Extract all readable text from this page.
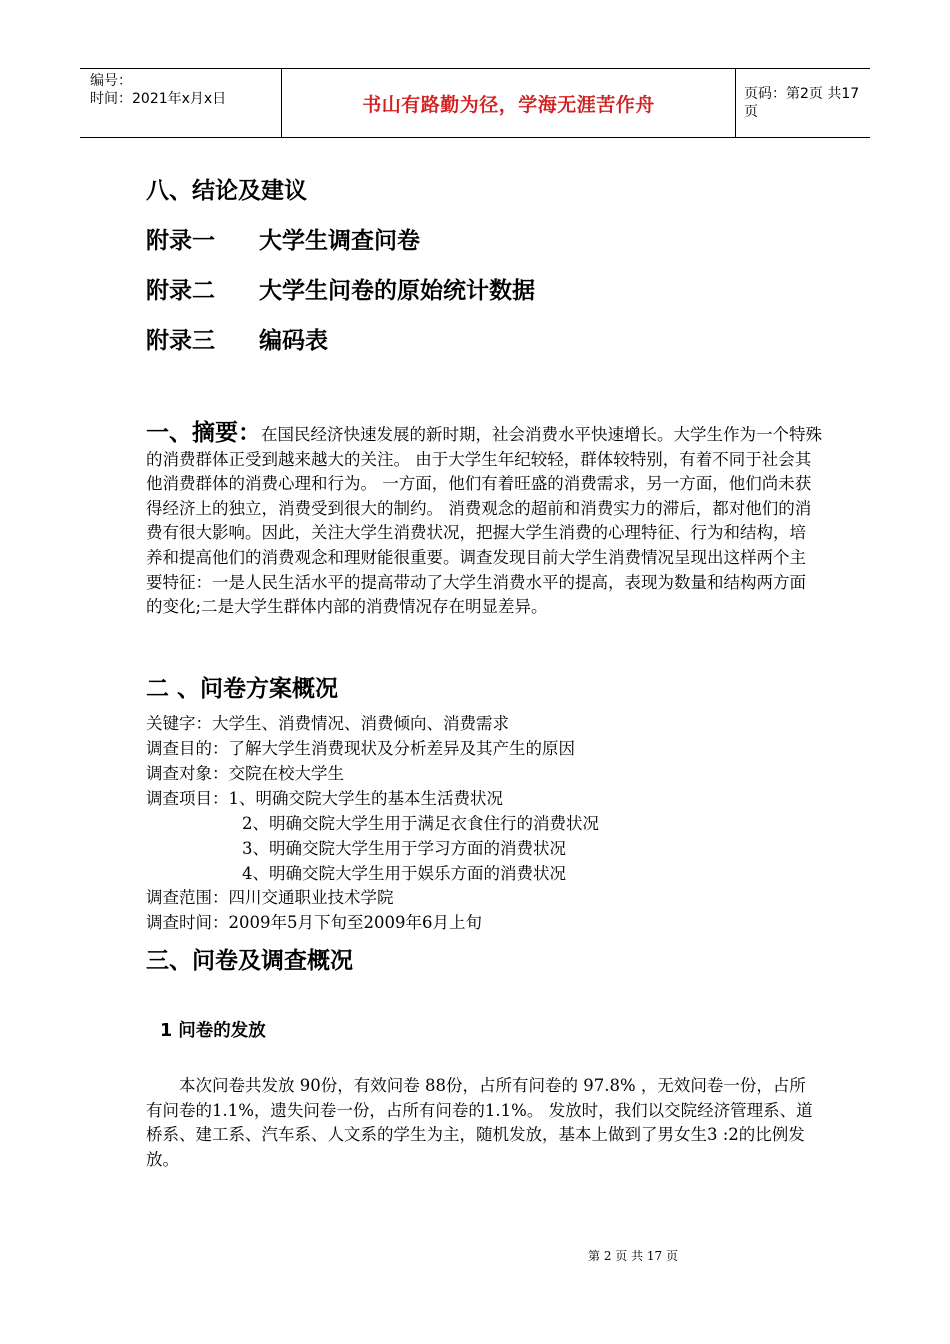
编号：
时间：2021年x月x日	书山有路勤为径，学海无涯苦作舟	页码：第2页 共17页
八、结论及建议
附录一 大学生调查问卷
附录二 大学生问卷的原始统计数据
附录三 编码表
一、摘要：在国民经济快速发展的新时期，社会消费水平快速增长。大学生作为一个特殊的消费群体正受到越来越大的关注。 由于大学生年纪较轻，群体较特别，有着不同于社会其他消费群体的消费心理和行为。 一方面，他们有着旺盛的消费需求，另一方面，他们尚未获得经济上的独立，消费受到很大的制约。 消费观念的超前和消费实力的滞后，都对他们的消费有很大影响。因此，关注大学生消费状况，把握大学生消费的心理特征、行为和结构，培养和提高他们的消费观念和理财能很重要。调查发现目前大学生消费情况呈现出这样两个主要特征：一是人民生活水平的提高带动了大学生消费水平的提高，表现为数量和结构两方面的变化;二是大学生群体内部的消费情况存在明显差异。
二 、问卷方案概况
关键字：大学生、消费情况、消费倾向、消费需求
调查目的：了解大学生消费现状及分析差异及其产生的原因
调查对象：交院在校大学生
调查项目：1、明确交院大学生的基本生活费状况
2、明确交院大学生用于满足衣食住行的消费状况
3、明确交院大学生用于学习方面的消费状况
4、明确交院大学生用于娱乐方面的消费状况
调查范围：四川交通职业技术学院
调查时间：2009年5月下旬至2009年6月上旬
三、问卷及调查概况
1 问卷的发放
本次问卷共发放 90份，有效问卷 88份，占所有问卷的 97.8% ，无效问卷一份，占所有问卷的1.1%，遗失问卷一份，占所有问卷的1.1%。 发放时，我们以交院经济管理系、道桥系、建工系、汽车系、人文系的学生为主，随机发放，基本上做到了男女生3 :2的比例发放。
第 2 页 共 17 页
